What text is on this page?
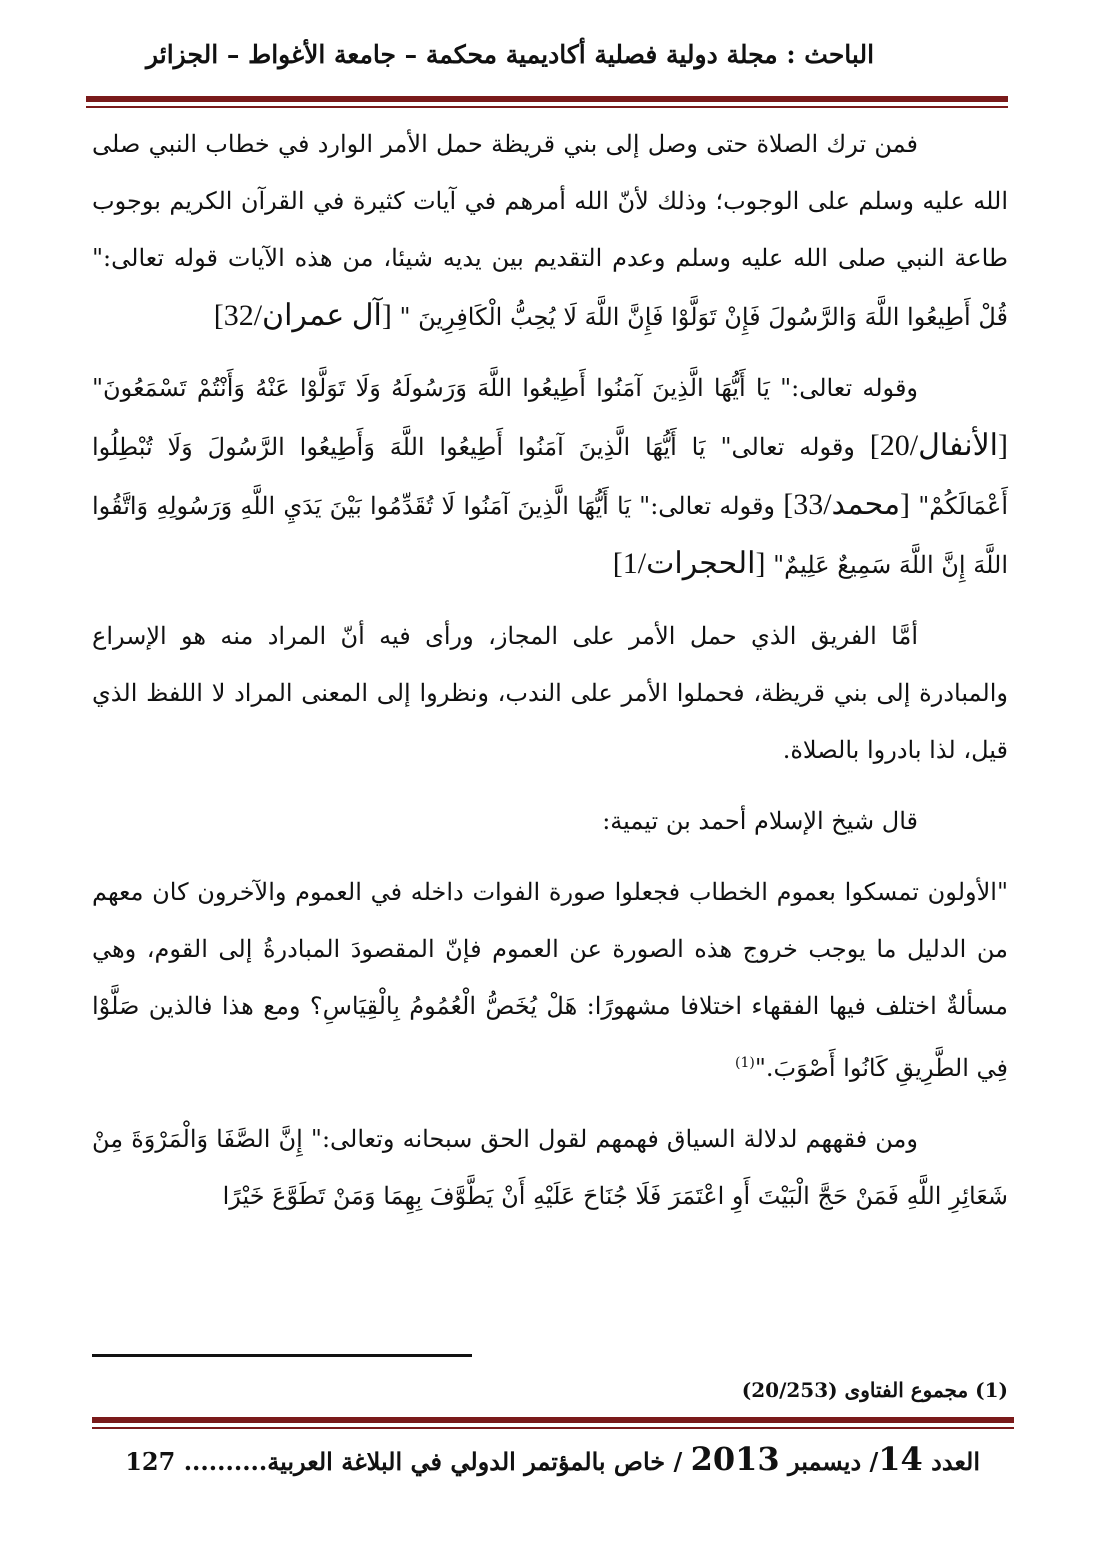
الباحث : مجلة دولية فصلية أكاديمية محكمة – جامعة الأغواط – الجزائر

فمن ترك الصلاة حتى وصل إلى بني قريظة حمل الأمر الوارد في خطاب النبي صلى الله عليه وسلم على الوجوب؛ وذلك لأنّ الله أمرهم في آيات كثيرة في القرآن الكريم بوجوب طاعة النبي صلى الله عليه وسلم وعدم التقديم بين يديه شيئا، من هذه الآيات قوله تعالى:" قُلْ أَطِيعُوا اللَّهَ وَالرَّسُولَ فَإِنْ تَوَلَّوْا فَإِنَّ اللَّهَ لَا يُحِبُّ الْكَافِرِينَ " [آل عمران/32]

وقوله تعالى:" يَا أَيُّهَا الَّذِينَ آمَنُوا أَطِيعُوا اللَّهَ وَرَسُولَهُ وَلَا تَوَلَّوْا عَنْهُ وَأَنْتُمْ تَسْمَعُونَ" [الأنفال/20] وقوله تعالى" يَا أَيُّهَا الَّذِينَ آمَنُوا أَطِيعُوا اللَّهَ وَأَطِيعُوا الرَّسُولَ وَلَا تُبْطِلُوا أَعْمَالَكُمْ" [محمد/33] وقوله تعالى:" يَا أَيُّهَا الَّذِينَ آمَنُوا لَا تُقَدِّمُوا بَيْنَ يَدَيِ اللَّهِ وَرَسُولِهِ وَاتَّقُوا اللَّهَ إِنَّ اللَّهَ سَمِيعٌ عَلِيمٌ" [الحجرات/1]

أمَّا الفريق الذي حمل الأمر على المجاز، ورأى فيه أنّ المراد منه هو الإسراع والمبادرة إلى بني قريظة، فحملوا الأمر على الندب، ونظروا إلى المعنى المراد لا اللفظ الذي قيل، لذا بادروا بالصلاة.

قال شيخ الإسلام أحمد بن تيمية:

"الأولون تمسكوا بعموم الخطاب فجعلوا صورة الفوات داخله في العموم والآخرون كان معهم من الدليل ما يوجب خروج هذه الصورة عن العموم فإنّ المقصودَ المبادرةُ إلى القوم، وهي مسألةٌ اختلف فيها الفقهاء اختلافا مشهورًا: هَلْ يُخَصُّ الْعُمُومُ بِالْقِيَاسِ؟ ومع هذا فالذين صَلَّوْا فِي الطَّرِيقِ كَانُوا أَصْوَبَ."$^{(1)}$

ومن فقههم لدلالة السياق فهمهم لقول الحق سبحانه وتعالى:" إِنَّ الصَّفَا وَالْمَرْوَةَ مِنْ شَعَائِرِ اللَّهِ فَمَنْ حَجَّ الْبَيْتَ أَوِ اعْتَمَرَ فَلَا جُنَاحَ عَلَيْهِ أَنْ يَطَّوَّفَ بِهِمَا وَمَنْ تَطَوَّعَ خَيْرًا

(1) مجموع الفتاوى (20/253)
العدد 14/ ديسمبر 2013 / خاص بالمؤتمر الدولي في البلاغة العربية.......... 127
